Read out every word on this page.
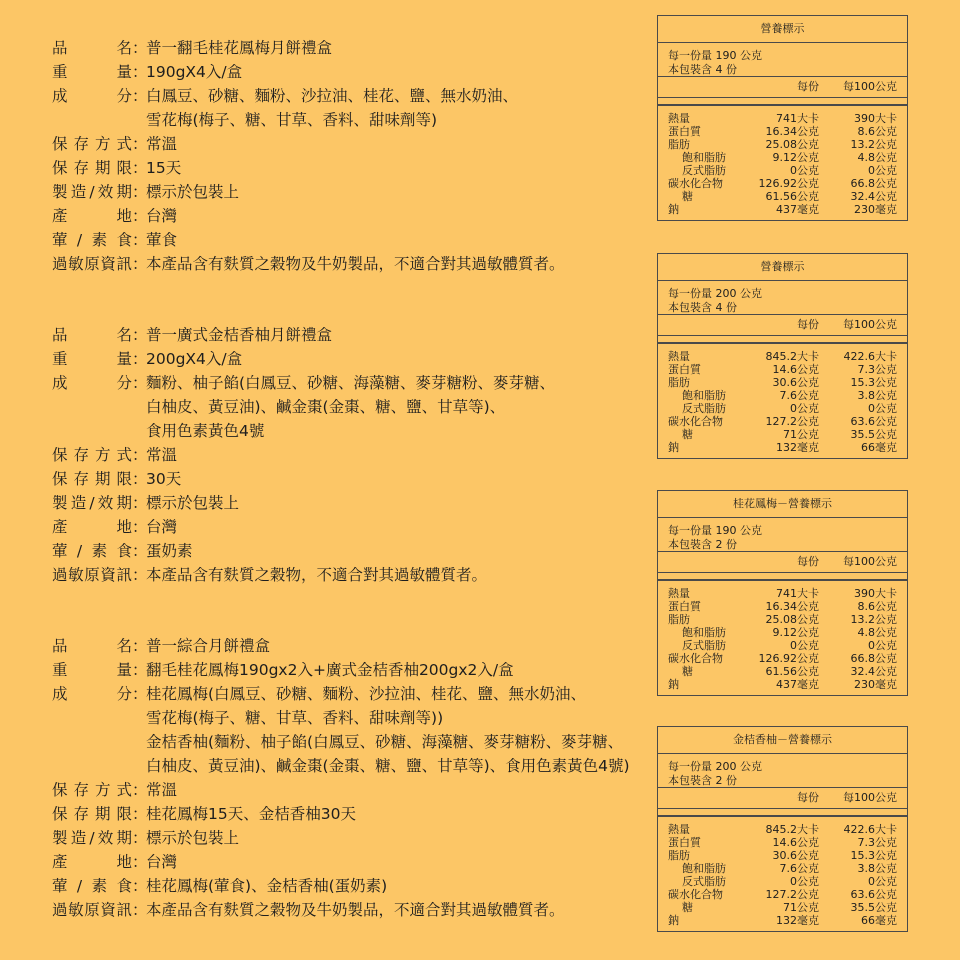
品	名 ：
普一翻毛桂花鳳梅月餅禮盒
重	量 ：
190gX4入/盒
成	分 ：
白鳳豆、砂糖、麵粉、沙拉油、桂花、鹽、無水奶油、
雪花梅(梅子、糖、甘草、香料、甜味劑等)
保 存 方 式 ：
常溫
保 存 期 限 ：
15天
製 造 / 效 期 ：
標示於包裝上
產	地 ：
台灣
葷 / 素 食 ：
葷食
過 敏 原 資 訊 ：
本產品含有麩質之穀物及牛奶製品，不適合對其過敏體質者。
品	名 ：
普一廣式金桔香柚月餅禮盒
重	量 ：
200gX4入/盒
成	分 ：
麵粉、柚子餡(白鳳豆、砂糖、海藻糖、麥芽糖粉、麥芽糖、
白柚皮、黃豆油)、鹹金棗(金棗、糖、鹽、甘草等)、
食用色素黃色4號
保 存 方 式 ：
常溫
保 存 期 限 ：
30天
製 造 / 效 期 ：
標示於包裝上
產	地 ：
台灣
葷 / 素 食 ：
蛋奶素
過 敏 原 資 訊 ：
本產品含有麩質之穀物，不適合對其過敏體質者。
品	名 ：
普一綜合月餅禮盒
重	量 ：
翻毛桂花鳳梅190gx2入+廣式金桔香柚200gx2入/盒
成	分 ：
桂花鳳梅(白鳳豆、砂糖、麵粉、沙拉油、桂花、鹽、無水奶油、
雪花梅(梅子、糖、甘草、香料、甜味劑等))
金桔香柚(麵粉、柚子餡(白鳳豆、砂糖、海藻糖、麥芽糖粉、麥芽糖、
白柚皮、黃豆油)、鹹金棗(金棗、糖、鹽、甘草等)、食用色素黃色4號)
保 存 方 式 ：
常溫
保 存 期 限 ：
桂花鳳梅15天、金桔香柚30天
製 造 / 效 期 ：
標示於包裝上
產	地 ：
台灣
葷 / 素 食 ：
桂花鳳梅(葷食)、金桔香柚(蛋奶素)
過 敏 原 資 訊 ：
本產品含有麩質之穀物及牛奶製品，不適合對其過敏體質者。
營養標示
每一份量 190 公克
本包裝含 4 份
每份	每100公克
熱量	741大卡	390大卡
蛋白質	16.34公克	8.6公克
脂肪	25.08公克	13.2公克
飽和脂肪	9.12公克	4.8公克
反式脂肪	0公克	0公克
碳水化合物	126.92公克	66.8公克
糖	61.56公克	32.4公克
鈉	437毫克	230毫克
營養標示
每一份量 200 公克
本包裝含 4 份
每份	每100公克
熱量	845.2大卡	422.6大卡
蛋白質	14.6公克	7.3公克
脂肪	30.6公克	15.3公克
飽和脂肪	7.6公克	3.8公克
反式脂肪	0公克	0公克
碳水化合物	127.2公克	63.6公克
糖	71公克	35.5公克
鈉	132毫克	66毫克
桂花鳳梅－營養標示
每一份量 190 公克
本包裝含 2 份
每份	每100公克
熱量	741大卡	390大卡
蛋白質	16.34公克	8.6公克
脂肪	25.08公克	13.2公克
飽和脂肪	9.12公克	4.8公克
反式脂肪	0公克	0公克
碳水化合物	126.92公克	66.8公克
糖	61.56公克	32.4公克
鈉	437毫克	230毫克
金桔香柚－營養標示
每一份量 200 公克
本包裝含 2 份
每份	每100公克
熱量	845.2大卡	422.6大卡
蛋白質	14.6公克	7.3公克
脂肪	30.6公克	15.3公克
飽和脂肪	7.6公克	3.8公克
反式脂肪	0公克	0公克
碳水化合物	127.2公克	63.6公克
糖	71公克	35.5公克
鈉	132毫克	66毫克
